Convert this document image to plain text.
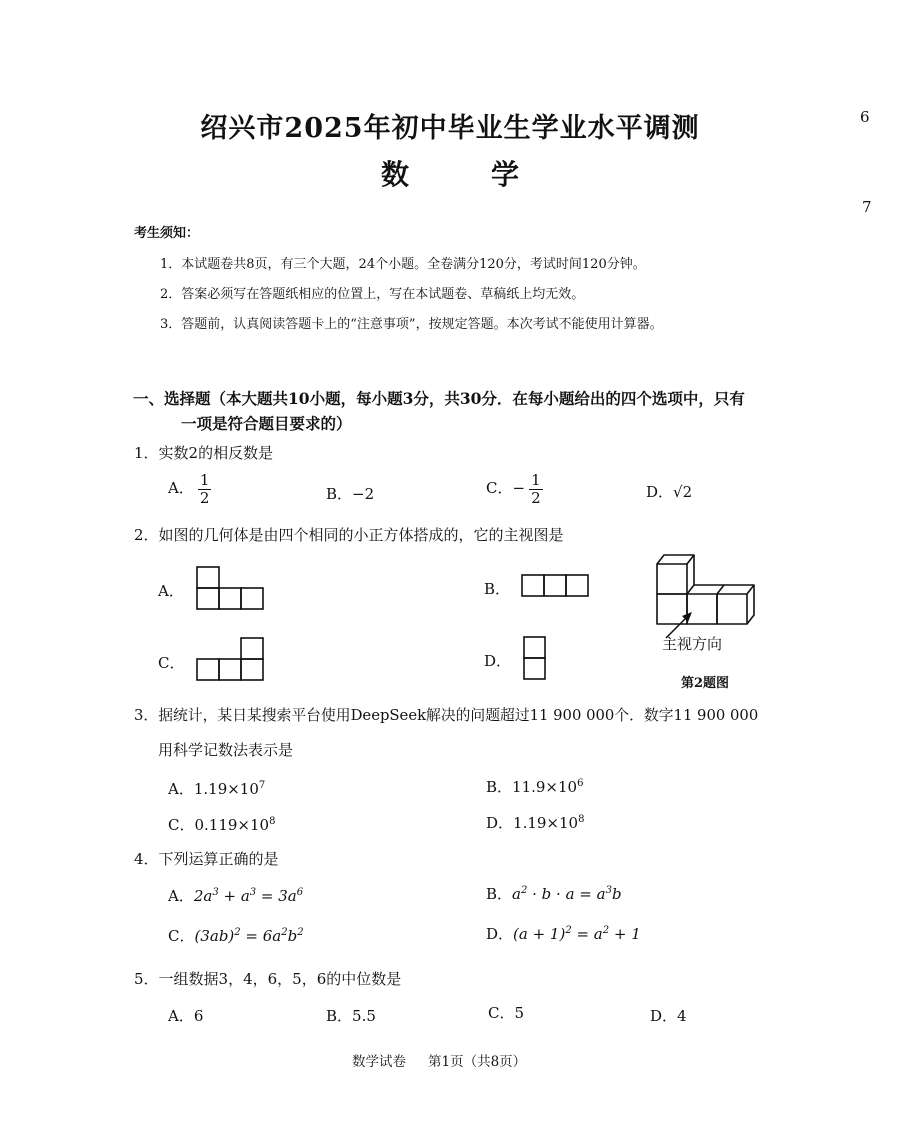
绍兴市2025年初中毕业生学业水平调测
数	学
6
7
考生须知：
1．本试题卷共8页，有三个大题，24个小题。全卷满分120分，考试时间120分钟。
2．答案必须写在答题纸相应的位置上，写在本试题卷、草稿纸上均无效。
3．答题前，认真阅读答题卡上的“注意事项”，按规定答题。本次考试不能使用计算器。
一、选择题（本大题共10小题，每小题3分，共30分．在每小题给出的四个选项中，只有
一项是符合题目要求的）
1．实数2的相反数是
A． $\frac{1}{2}$	B．−2	C．− $\frac{1}{2}$	D．√2
2．如图的几何体是由四个相同的小正方体搭成的，它的主视图是
A．	B．
主视方向
第2题图
C．	D．
3．据统计，某日某搜索平台使用DeepSeek解决的问题超过11 900 000个．数字11 900 000
用科学记数法表示是
A．$1.19\times 10^7$	B．$11.9\times 10^6$
C．$0.119\times 10^8$	D．$1.19\times 10^8$
4．下列运算正确的是
A．$2a^3 + a^3 = 3a^6$	B．$a^2 \cdot b \cdot a = a^3b$
C．$(3ab)^2 = 6a^2b^2$	D．$(a + 1)^2 = a^2 + 1$
5．一组数据3，4，6，5，6的中位数是
A．6	B．5.5	C．5	D．4
数学试卷 第1页（共8页）
